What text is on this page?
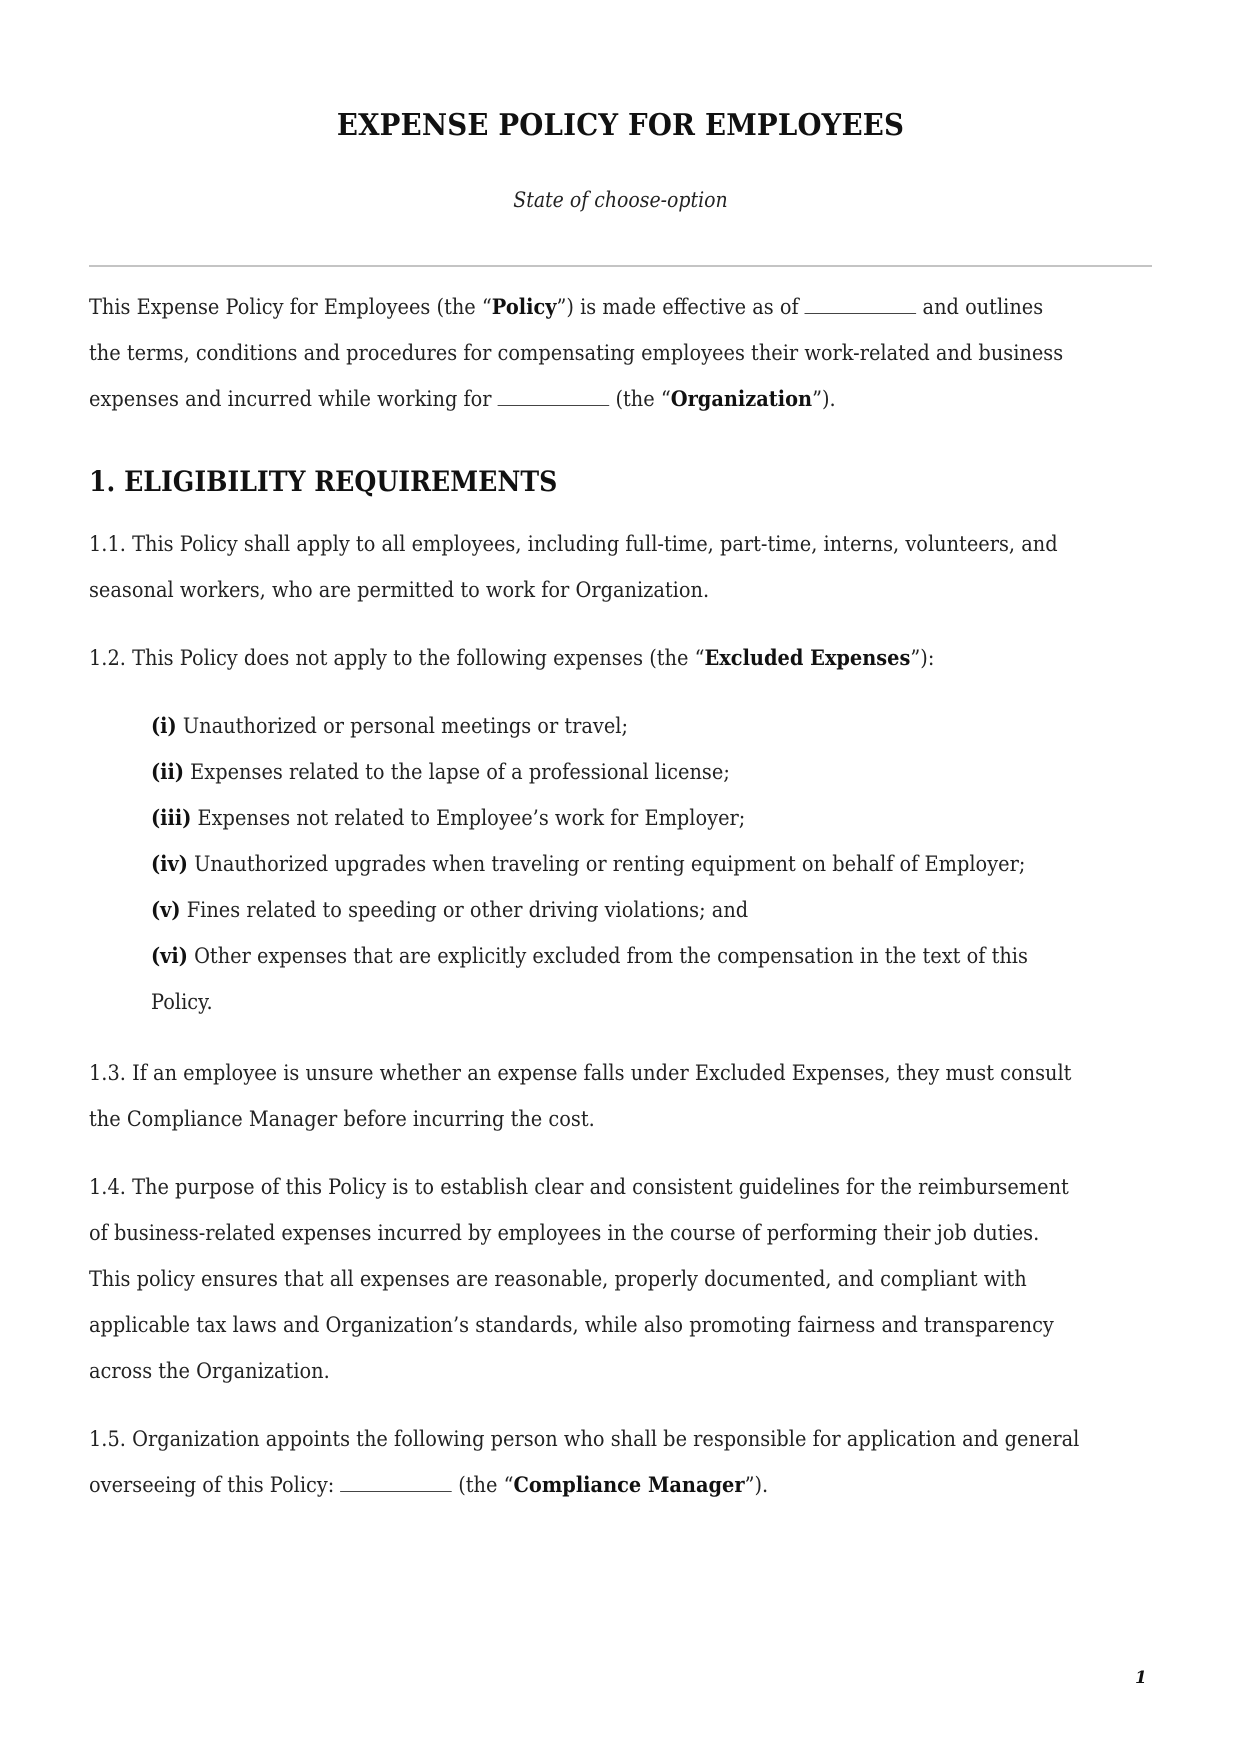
EXPENSE POLICY FOR EMPLOYEES
State of choose-option
This Expense Policy for Employees (the “Policy”) is made effective as of	and outlines
the terms, conditions and procedures for compensating employees their work-related and business
expenses and incurred while working for	(the “Organization”).
1. ELIGIBILITY REQUIREMENTS
1.1. This Policy shall apply to all employees, including full-time, part-time, interns, volunteers, and
seasonal workers, who are permitted to work for Organization.
1.2. This Policy does not apply to the following expenses (the “Excluded Expenses”):
(i) Unauthorized or personal meetings or travel;
(ii) Expenses related to the lapse of a professional license;
(iii) Expenses not related to Employee’s work for Employer;
(iv) Unauthorized upgrades when traveling or renting equipment on behalf of Employer;
(v) Fines related to speeding or other driving violations; and
(vi) Other expenses that are explicitly excluded from the compensation in the text of this
Policy.
1.3. If an employee is unsure whether an expense falls under Excluded Expenses, they must consult
the Compliance Manager before incurring the cost.
1.4. The purpose of this Policy is to establish clear and consistent guidelines for the reimbursement
of business-related expenses incurred by employees in the course of performing their job duties.
This policy ensures that all expenses are reasonable, properly documented, and compliant with
applicable tax laws and Organization’s standards, while also promoting fairness and transparency
across the Organization.
1.5. Organization appoints the following person who shall be responsible for application and general
overseeing of this Policy:	(the “Compliance Manager”).
1
